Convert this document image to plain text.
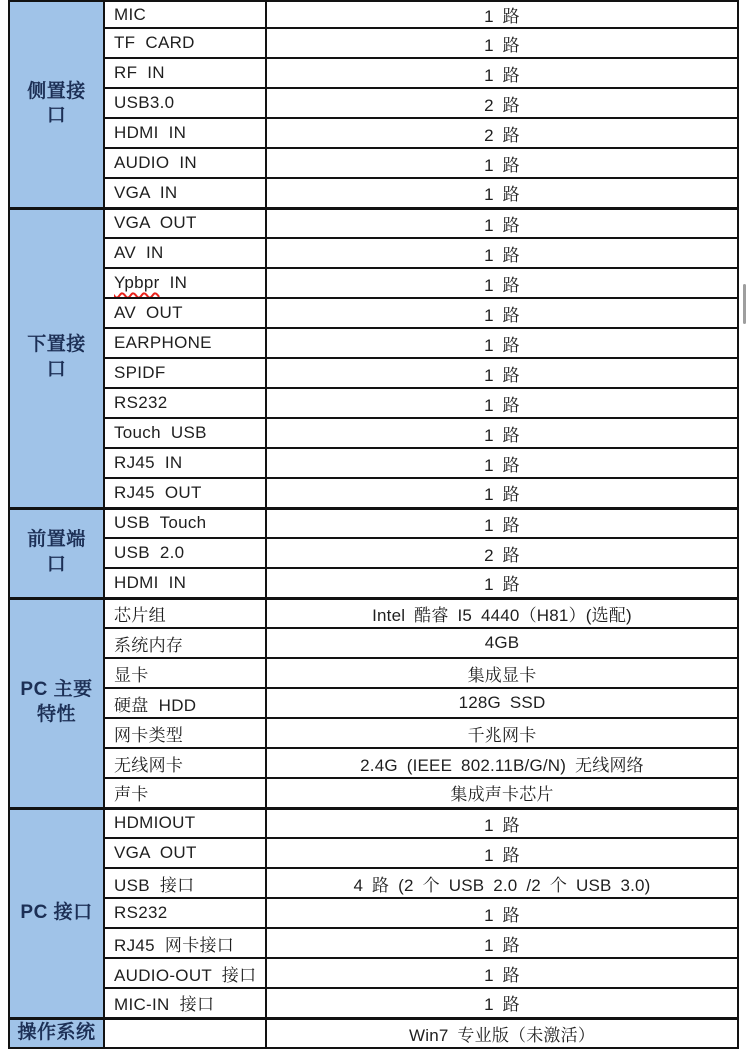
侧置接
口	MIC	1 路
	TF CARD	1 路
	RF IN	1 路
	USB3.0	2 路
	HDMI IN	2 路
	AUDIO IN	1 路
	VGA IN	1 路

下置接
口	VGA OUT	1 路
	AV IN	1 路
	Ypbpr IN	1 路
	AV OUT	1 路
	EARPHONE	1 路
	SPIDF	1 路
	RS232	1 路
	Touch USB	1 路
	RJ45 IN	1 路
	RJ45 OUT	1 路

前置端
口	USB Touch	1 路
	USB 2.0	2 路
	HDMI IN	1 路

PC 主要
特性	芯片组	Intel 酷睿 I5 4440（H81）(选配)
	系统内存	4GB
	显卡	集成显卡
	硬盘 HDD	128G SSD
	网卡类型	千兆网卡
	无线网卡	2.4G (IEEE 802.11B/G/N) 无线网络
	声卡	集成声卡芯片

PC 接口	HDMIOUT	1 路
	VGA OUT	1 路
	USB 接口	4 路 (2 个 USB 2.0 /2 个 USB 3.0)
	RS232	1 路
	RJ45 网卡接口	1 路
	AUDIO-OUT 接口	1 路
	MIC-IN 接口	1 路

操作系统		Win7 专业版（未激活）
